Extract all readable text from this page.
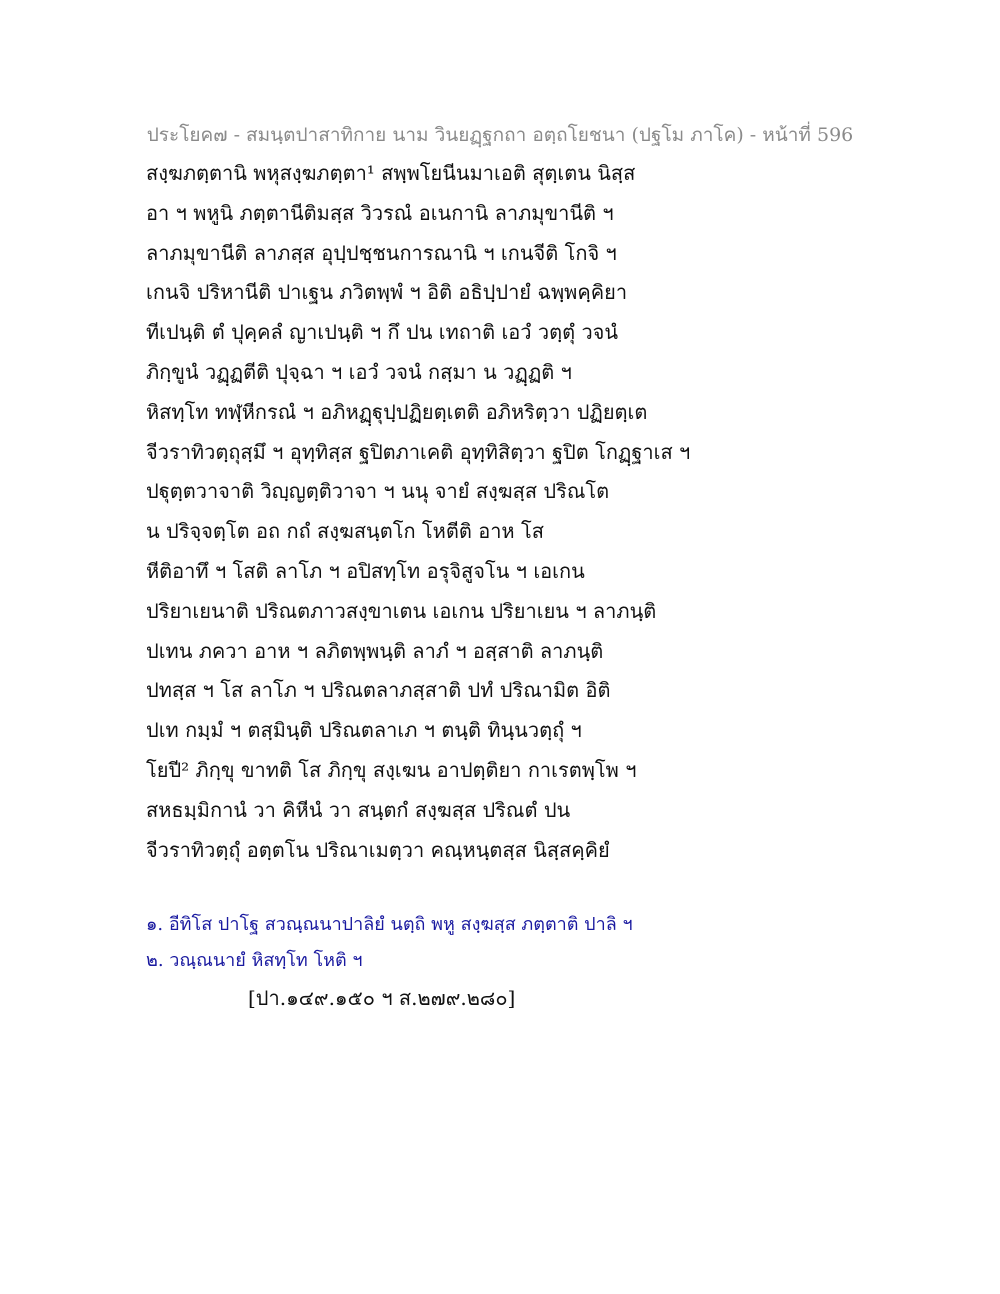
ประโยค๗ - สมนฺตปาสาทิกาย นาม วินยฏฺฐกถา อตฺถโยชนา (ปฐโม ภาโค) - หน้าที่ 596
สงฺฆภตฺตานิ พหุสงฺฆภตฺตา¹ สพฺพโยนีนมาเอติ สุตฺเตน นิสฺส
อา ฯ พหูนิ ภตฺตานีติมสฺส วิวรณํ อเนกานิ ลาภมุขานีติ ฯ
ลาภมุขานีติ ลาภสฺส อุปฺปชฺชนการณานิ ฯ เกนจีติ โกจิ ฯ
เกนจิ ปริหานีติ ปาเฐน ภวิตพฺพํ ฯ อิติ อธิปฺปายํ ฉพฺพคฺคิยา
ทีเปนฺติ ตํ ปุคฺคลํ ญาเปนฺติ ฯ กึ ปน เทถาติ เอวํ วตฺตุํ วจนํ
ภิกฺขูนํ วฏฺฏตีติ ปุจฺฉา ฯ เอวํ วจนํ กสฺมา น วฏฺฏติ ฯ
หิสทฺโท ทฬฺหีกรณํ ฯ อภิหฏฺฐุปฺปฏิยตฺเตติ อภิหริตฺวา ปฏิยตฺเต
จีวราทิวตฺถุสฺมึ ฯ อุทฺทิสฺส ฐปิตภาเคติ อุทฺทิสิตฺวา ฐปิต โกฏฺฐาเส ฯ
ปฐุตฺตวาจาติ วิญฺญตฺติวาจา ฯ นนุ จายํ สงฺฆสฺส ปริณโต
น ปริจฺจตฺโต อถ กถํ สงฺฆสนฺตโก โหตีติ อาห โส
หีติอาทึ ฯ โสติ ลาโภ ฯ อปิสทฺโท อรุจิสูจโน ฯ เอเกน
ปริยาเยนาติ ปริณตภาวสงฺขาเตน เอเกน ปริยาเยน ฯ ลาภนฺติ
ปเทน ภควา อาห ฯ ลภิตพฺพนฺติ ลาภํ ฯ อสฺสาติ ลาภนฺติ
ปทสฺส ฯ โส ลาโภ ฯ ปริณตลาภสฺสาติ ปทํ ปริณามิต อิติ
ปเท กมฺมํ ฯ ตสฺมินฺติ ปริณตลาเภ ฯ ตนฺติ ทินฺนวตฺถุํ ฯ
โยปี² ภิกฺขุ ขาทติ โส ภิกฺขุ สงฺเฆน อาปตฺติยา กาเรตพฺโพ ฯ
สหธมฺมิกานํ วา คิหีนํ วา สนฺตกํ สงฺฆสฺส ปริณตํ ปน
จีวราทิวตฺถุํ อตฺตโน ปริณาเมตฺวา คณฺหนฺตสฺส นิสฺสคฺคิยํ
๑. อีทิโส ปาโฐ สวณฺณนาปาลิยํ นตฺถิ พหู สงฺฆสฺส ภตฺตาติ ปาลิ ฯ
๒. วณฺณนายํ หิสทฺโท โหติ ฯ
[ปา.๑๔๙.๑๕๐ ฯ ส.๒๗๙.๒๘๐]
